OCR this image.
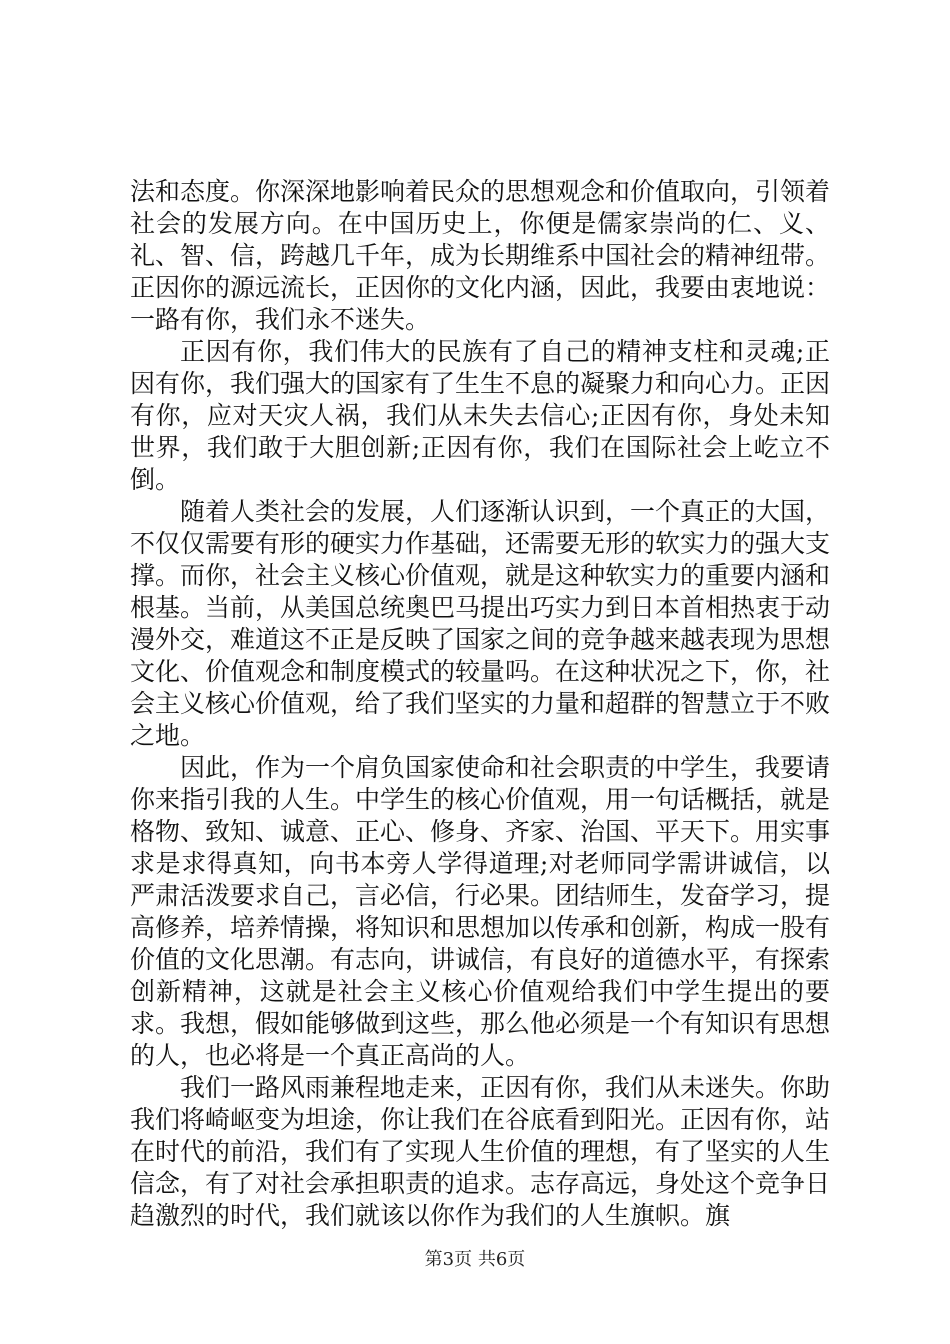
法和态度。你深深地影响着民众的思想观念和价值取向，引领着社会的发展方向。在中国历史上，你便是儒家崇尚的仁、义、礼、智、信，跨越几千年，成为长期维系中国社会的精神纽带。正因你的源远流长，正因你的文化内涵，因此，我要由衷地说：一路有你，我们永不迷失。

正因有你，我们伟大的民族有了自己的精神支柱和灵魂;正因有你，我们强大的国家有了生生不息的凝聚力和向心力。正因有你，应对天灾人祸，我们从未失去信心;正因有你，身处未知世界，我们敢于大胆创新;正因有你，我们在国际社会上屹立不倒。

随着人类社会的发展，人们逐渐认识到，一个真正的大国，不仅仅需要有形的硬实力作基础，还需要无形的软实力的强大支撑。而你，社会主义核心价值观，就是这种软实力的重要内涵和根基。当前，从美国总统奥巴马提出巧实力到日本首相热衷于动漫外交，难道这不正是反映了国家之间的竞争越来越表现为思想文化、价值观念和制度模式的较量吗。在这种状况之下，你，社会主义核心价值观，给了我们坚实的力量和超群的智慧立于不败之地。

因此，作为一个肩负国家使命和社会职责的中学生，我要请你来指引我的人生。中学生的核心价值观，用一句话概括，就是格物、致知、诚意、正心、修身、齐家、治国、平天下。用实事求是求得真知，向书本旁人学得道理;对老师同学需讲诚信，以严肃活泼要求自己，言必信，行必果。团结师生，发奋学习，提高修养，培养情操，将知识和思想加以传承和创新，构成一股有价值的文化思潮。有志向，讲诚信，有良好的道德水平，有探索创新精神，这就是社会主义核心价值观给我们中学生提出的要求。我想，假如能够做到这些，那么他必须是一个有知识有思想的人，也必将是一个真正高尚的人。

我们一路风雨兼程地走来，正因有你，我们从未迷失。你助我们将崎岖变为坦途，你让我们在谷底看到阳光。正因有你，站在时代的前沿，我们有了实现人生价值的理想，有了坚实的人生信念，有了对社会承担职责的追求。志存高远，身处这个竞争日趋激烈的时代，我们就该以你作为我们的人生旗帜。旗

第3页 共6页
